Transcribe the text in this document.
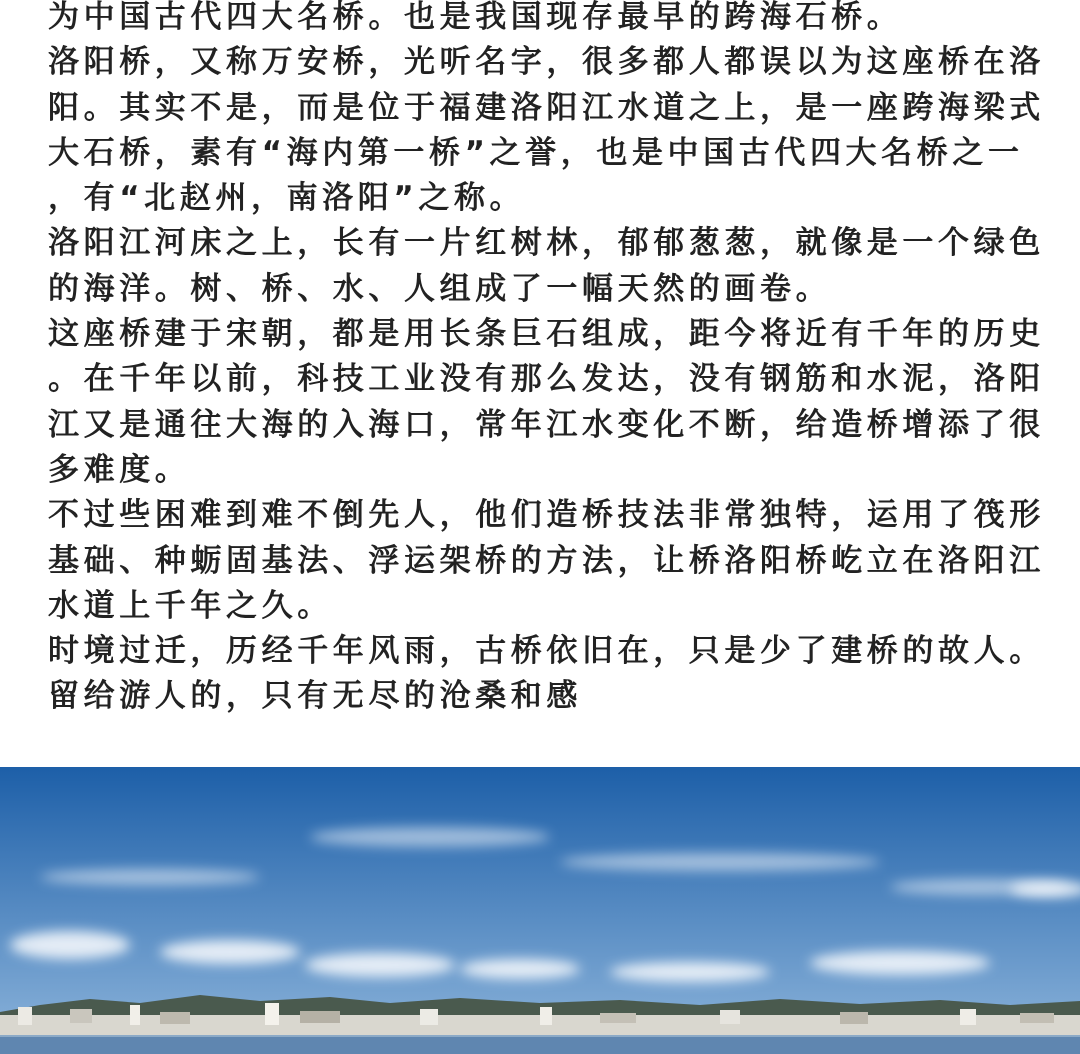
为中国古代四大名桥。也是我国现存最早的跨海石桥。
洛阳桥，又称万安桥，光听名字，很多都人都误以为这座桥在洛
阳。其实不是，而是位于福建洛阳江水道之上，是一座跨海梁式
大石桥，素有“海内第一桥”之誉，也是中国古代四大名桥之一
，有“北赵州，南洛阳”之称。
洛阳江河床之上，长有一片红树林，郁郁葱葱，就像是一个绿色
的海洋。树、桥、水、人组成了一幅天然的画卷。
这座桥建于宋朝，都是用长条巨石组成，距今将近有千年的历史
。在千年以前，科技工业没有那么发达，没有钢筋和水泥，洛阳
江又是通往大海的入海口，常年江水变化不断，给造桥增添了很
多难度。
不过些困难到难不倒先人，他们造桥技法非常独特，运用了筏形
基础、种蛎固基法、浮运架桥的方法，让桥洛阳桥屹立在洛阳江
水道上千年之久。
时境过迁，历经千年风雨，古桥依旧在，只是少了建桥的故人。
留给游人的，只有无尽的沧桑和感
